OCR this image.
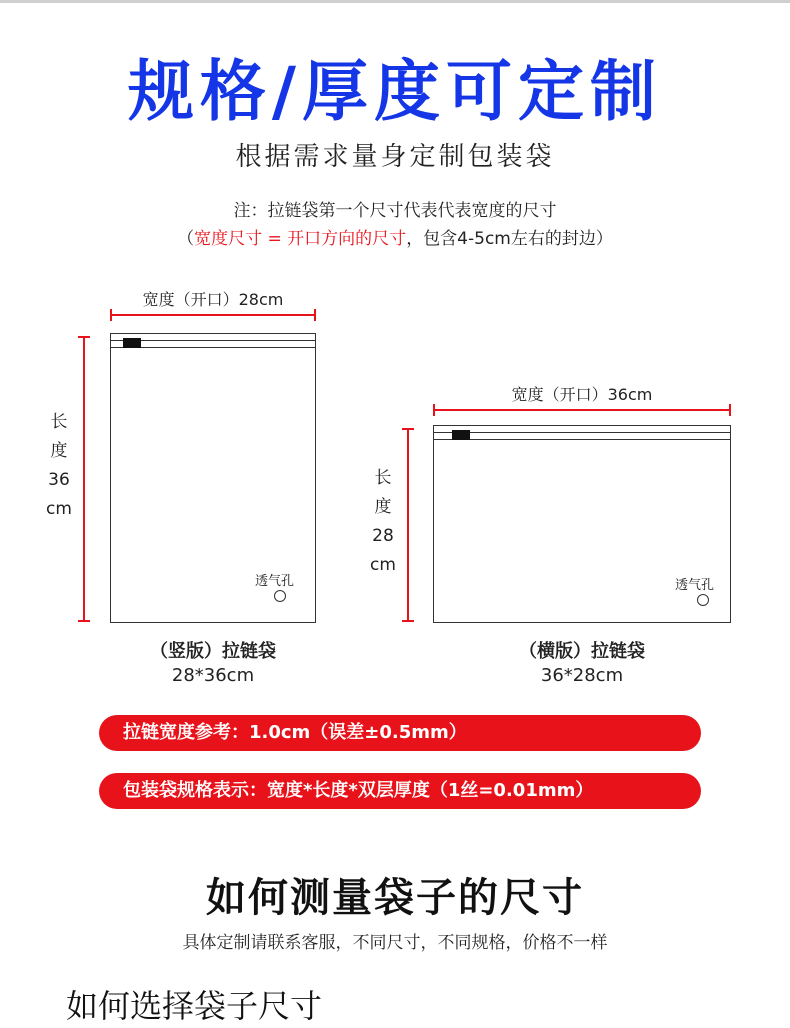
规格/厚度可定制
根据需求量身定制包装袋
注：拉链袋第一个尺寸代表代表宽度的尺寸
（宽度尺寸 = 开口方向的尺寸，包含4-5cm左右的封边）
宽度（开口）28cm
长
度
36
cm
透气孔
（竖版）拉链袋
28*36cm
宽度（开口）36cm
长
度
28
cm
透气孔
（横版）拉链袋
36*28cm
拉链宽度参考：1.0cm（误差±0.5mm）
包装袋规格表示：宽度*长度*双层厚度（1丝=0.01mm）
如何测量袋子的尺寸
具体定制请联系客服，不同尺寸，不同规格，价格不一样
如何选择袋子尺寸
